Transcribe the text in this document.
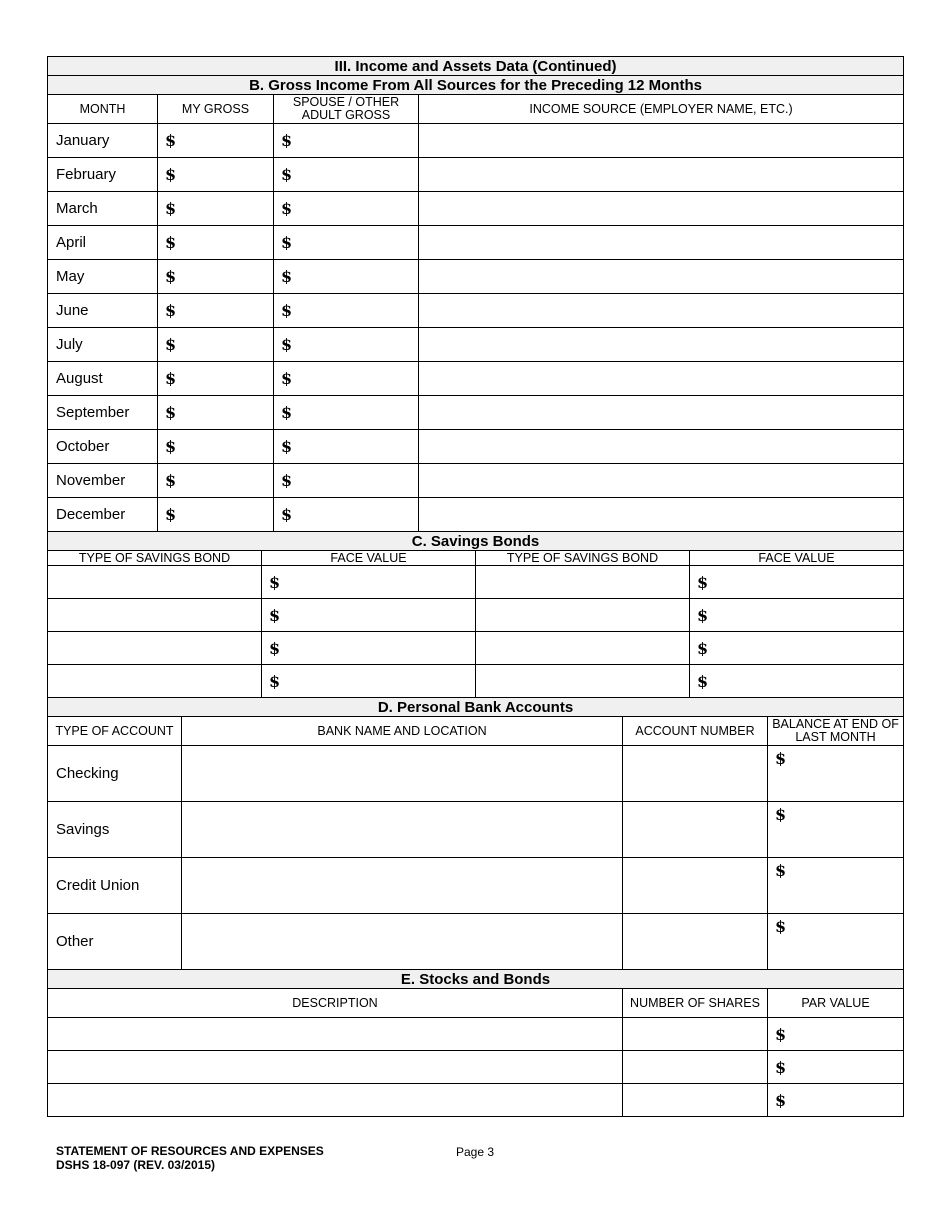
III. Income and Assets Data (Continued)			
B. Gross Income From All Sources for the Preceding 12 Months			
MONTH	MY GROSS	SPOUSE / OTHER ADULT GROSS	INCOME SOURCE (EMPLOYER NAME, ETC.)
January	$	$	
February	$	$	
March	$	$	
April	$	$	
May	$	$	
June	$	$	
July	$	$	
August	$	$	
September	$	$	
October	$	$	
November	$	$	
December	$	$	
C. Savings Bonds			
TYPE OF SAVINGS BOND	FACE VALUE	TYPE OF SAVINGS BOND	FACE VALUE
	$		$
	$		$
	$		$
	$		$
D. Personal Bank Accounts			
TYPE OF ACCOUNT	BANK NAME AND LOCATION	ACCOUNT NUMBER	BALANCE AT END OF LAST MONTH
Checking			$
Savings			$
Credit Union			$
Other			$
E. Stocks and Bonds		
DESCRIPTION	NUMBER OF SHARES	PAR VALUE
		$
		$
		$
STATEMENT OF RESOURCES AND EXPENSES
DSHS 18-097 (REV. 03/2015)
Page 3
